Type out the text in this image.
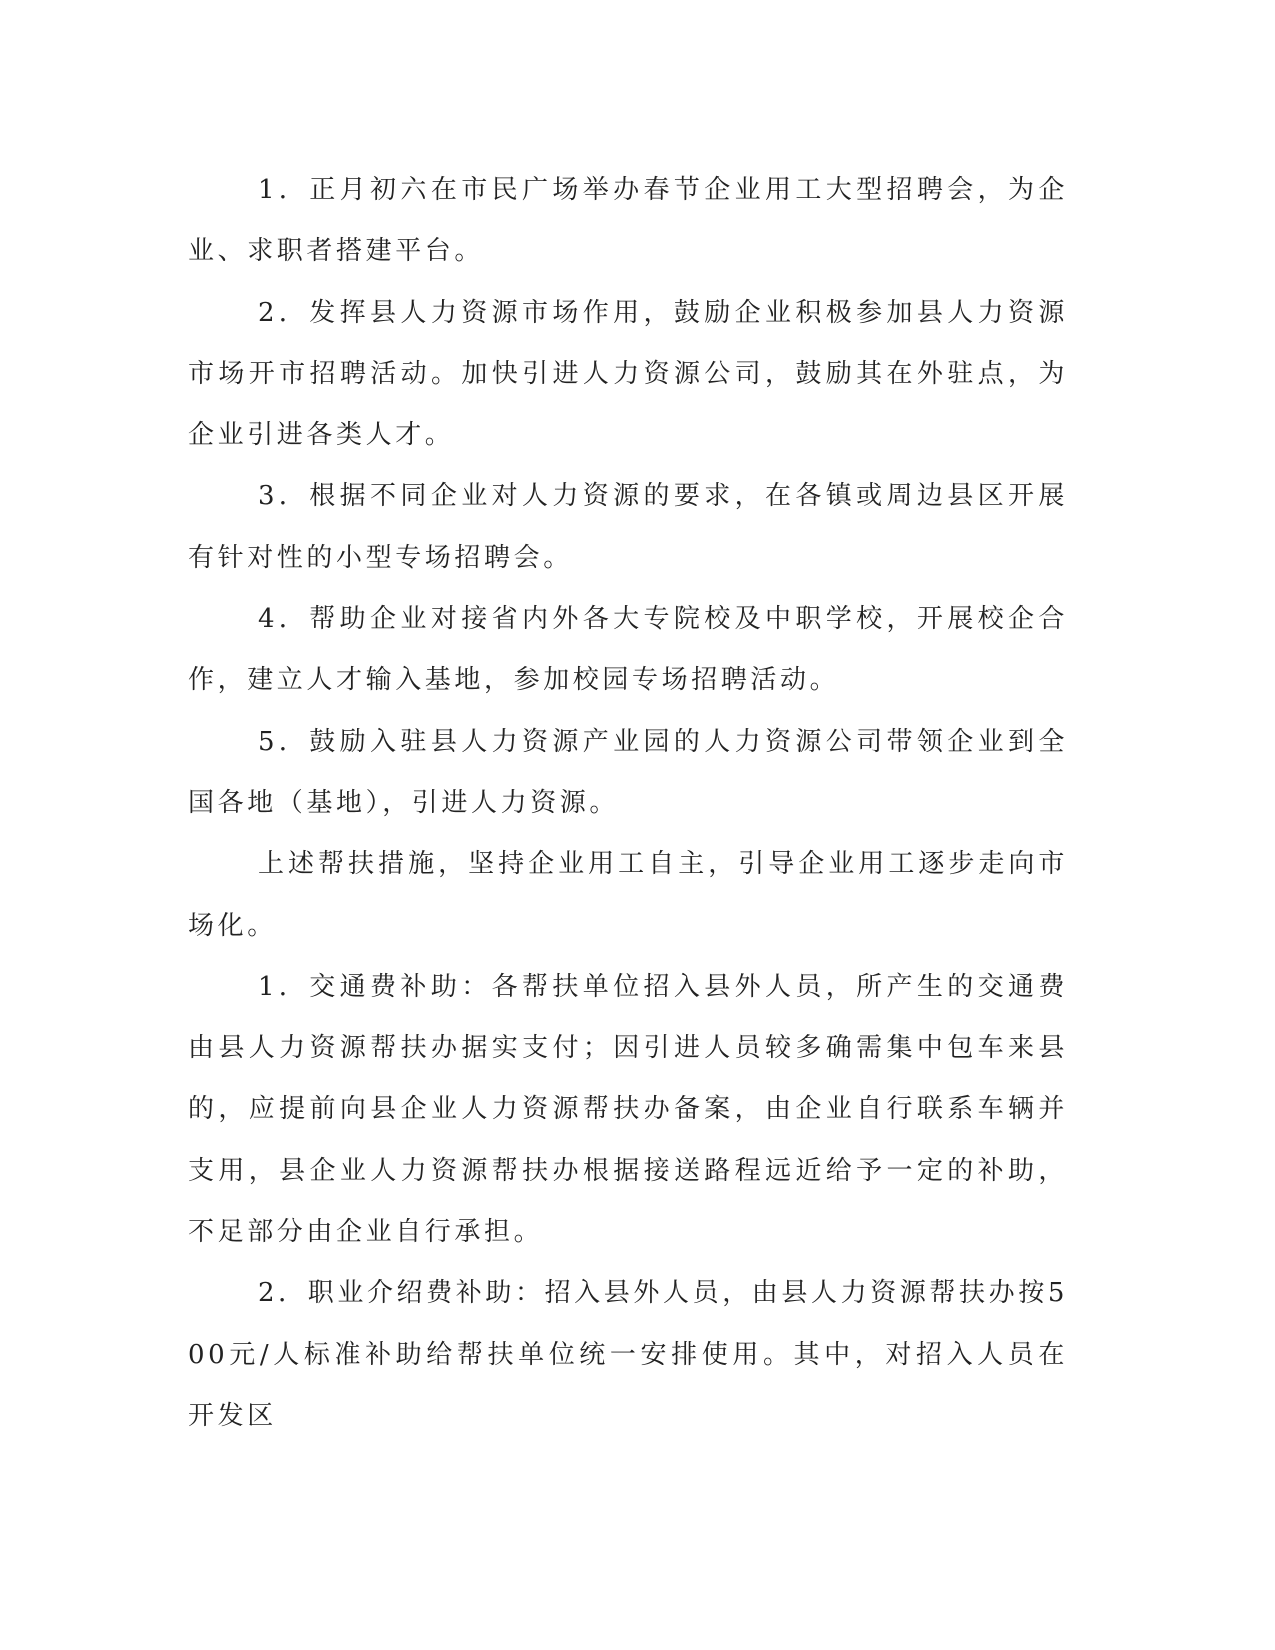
1．正月初六在市民广场举办春节企业用工大型招聘会，为企业、求职者搭建平台。

2．发挥县人力资源市场作用，鼓励企业积极参加县人力资源市场开市招聘活动。加快引进人力资源公司，鼓励其在外驻点，为企业引进各类人才。

3．根据不同企业对人力资源的要求，在各镇或周边县区开展有针对性的小型专场招聘会。

4．帮助企业对接省内外各大专院校及中职学校，开展校企合作，建立人才输入基地，参加校园专场招聘活动。

5．鼓励入驻县人力资源产业园的人力资源公司带领企业到全国各地（基地），引进人力资源。

上述帮扶措施，坚持企业用工自主，引导企业用工逐步走向市场化。

1．交通费补助：各帮扶单位招入县外人员，所产生的交通费由县人力资源帮扶办据实支付；因引进人员较多确需集中包车来县的，应提前向县企业人力资源帮扶办备案，由企业自行联系车辆并支用，县企业人力资源帮扶办根据接送路程远近给予一定的补助，不足部分由企业自行承担。

2．职业介绍费补助：招入县外人员，由县人力资源帮扶办按500元/人标准补助给帮扶单位统一安排使用。其中，对招入人员在开发区
